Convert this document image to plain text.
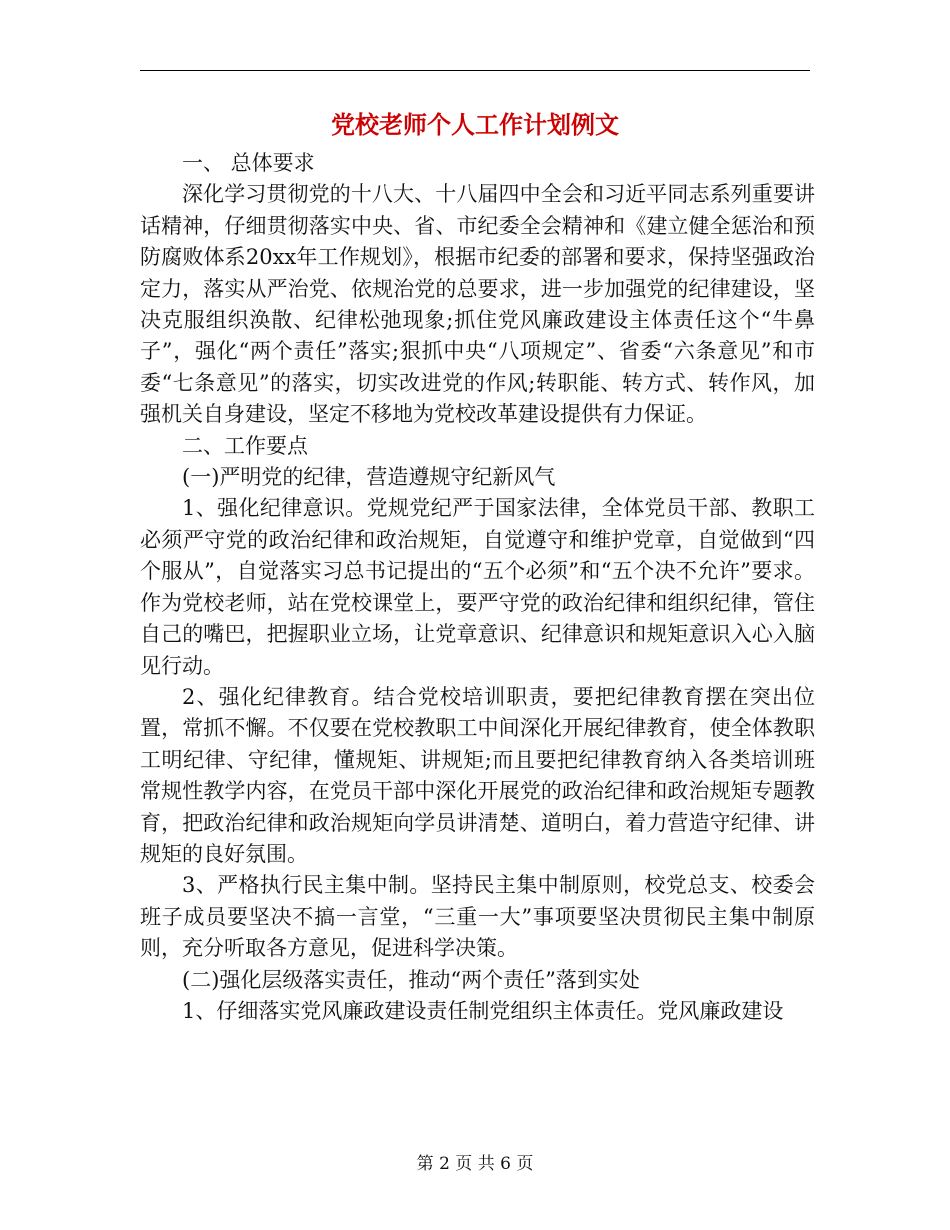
党校老师个人工作计划例文

一、 总体要求

深化学习贯彻党的十八大、十八届四中全会和习近平同志系列重要讲话精神，仔细贯彻落实中央、省、市纪委全会精神和《建立健全惩治和预防腐败体系20xx年工作规划》，根据市纪委的部署和要求，保持坚强政治定力，落实从严治党、依规治党的总要求，进一步加强党的纪律建设，坚决克服组织涣散、纪律松弛现象;抓住党风廉政建设主体责任这个“牛鼻子”，强化“两个责任”落实;狠抓中央“八项规定”、省委“六条意见”和市委“七条意见”的落实，切实改进党的作风;转职能、转方式、转作风，加强机关自身建设，坚定不移地为党校改革建设提供有力保证。

二、工作要点

(一)严明党的纪律，营造遵规守纪新风气

1、强化纪律意识。党规党纪严于国家法律，全体党员干部、教职工必须严守党的政治纪律和政治规矩，自觉遵守和维护党章，自觉做到“四个服从”，自觉落实习总书记提出的“五个必须”和“五个决不允许”要求。作为党校老师，站在党校课堂上，要严守党的政治纪律和组织纪律，管住自己的嘴巴，把握职业立场，让党章意识、纪律意识和规矩意识入心入脑见行动。

2、强化纪律教育。结合党校培训职责，要把纪律教育摆在突出位置，常抓不懈。不仅要在党校教职工中间深化开展纪律教育，使全体教职工明纪律、守纪律，懂规矩、讲规矩;而且要把纪律教育纳入各类培训班常规性教学内容，在党员干部中深化开展党的政治纪律和政治规矩专题教育，把政治纪律和政治规矩向学员讲清楚、道明白，着力营造守纪律、讲规矩的良好氛围。

3、严格执行民主集中制。坚持民主集中制原则，校党总支、校委会班子成员要坚决不搞一言堂，“三重一大”事项要坚决贯彻民主集中制原则，充分听取各方意见，促进科学决策。

(二)强化层级落实责任，推动“两个责任”落到实处

1、仔细落实党风廉政建设责任制党组织主体责任。党风廉政建设

第 2 页 共 6 页
